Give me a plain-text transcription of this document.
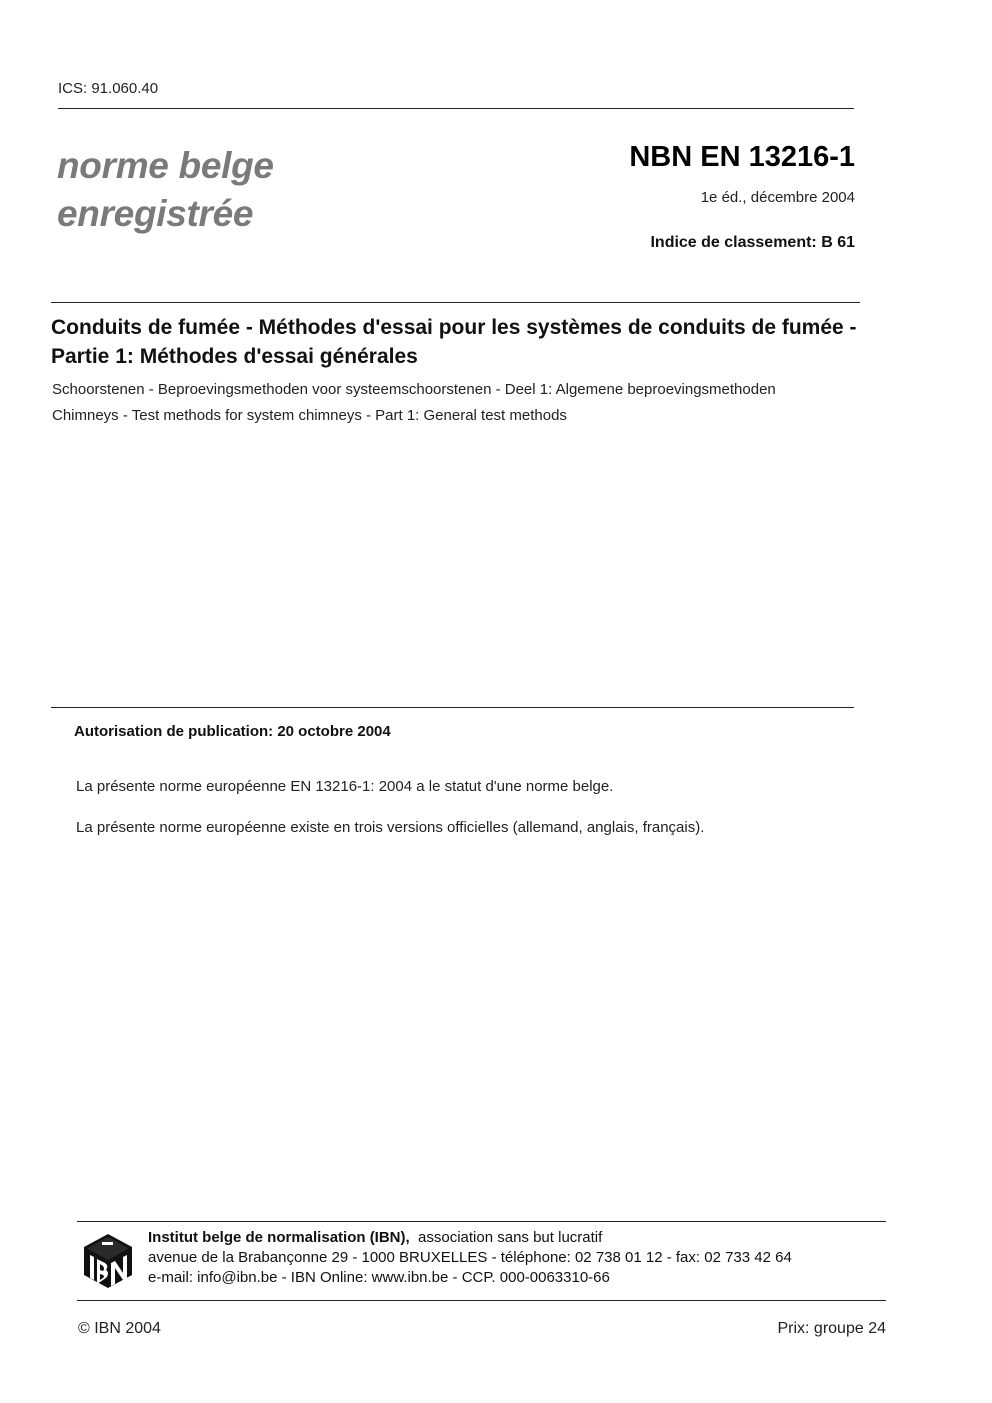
ICS: 91.060.40
norme belge
enregistrée
NBN EN 13216-1
1e éd., décembre 2004
Indice de classement: B 61
Conduits de fumée - Méthodes d'essai pour les systèmes de conduits de fumée - Partie 1: Méthodes d'essai générales
Schoorstenen - Beproevingsmethoden voor systeemschoorstenen - Deel 1: Algemene beproevingsmethoden
Chimneys - Test methods for system chimneys - Part 1: General test methods
Autorisation de publication: 20 octobre 2004
La présente norme européenne EN 13216-1: 2004 a le statut d'une norme belge.
La présente norme européenne existe en trois versions officielles (allemand, anglais, français).
Institut belge de normalisation (IBN), association sans but lucratif
avenue de la Brabançonne 29 - 1000 BRUXELLES - téléphone: 02 738 01 12 - fax: 02 733 42 64
e-mail: info@ibn.be - IBN Online: www.ibn.be - CCP. 000-0063310-66
© IBN 2004	Prix: groupe 24
